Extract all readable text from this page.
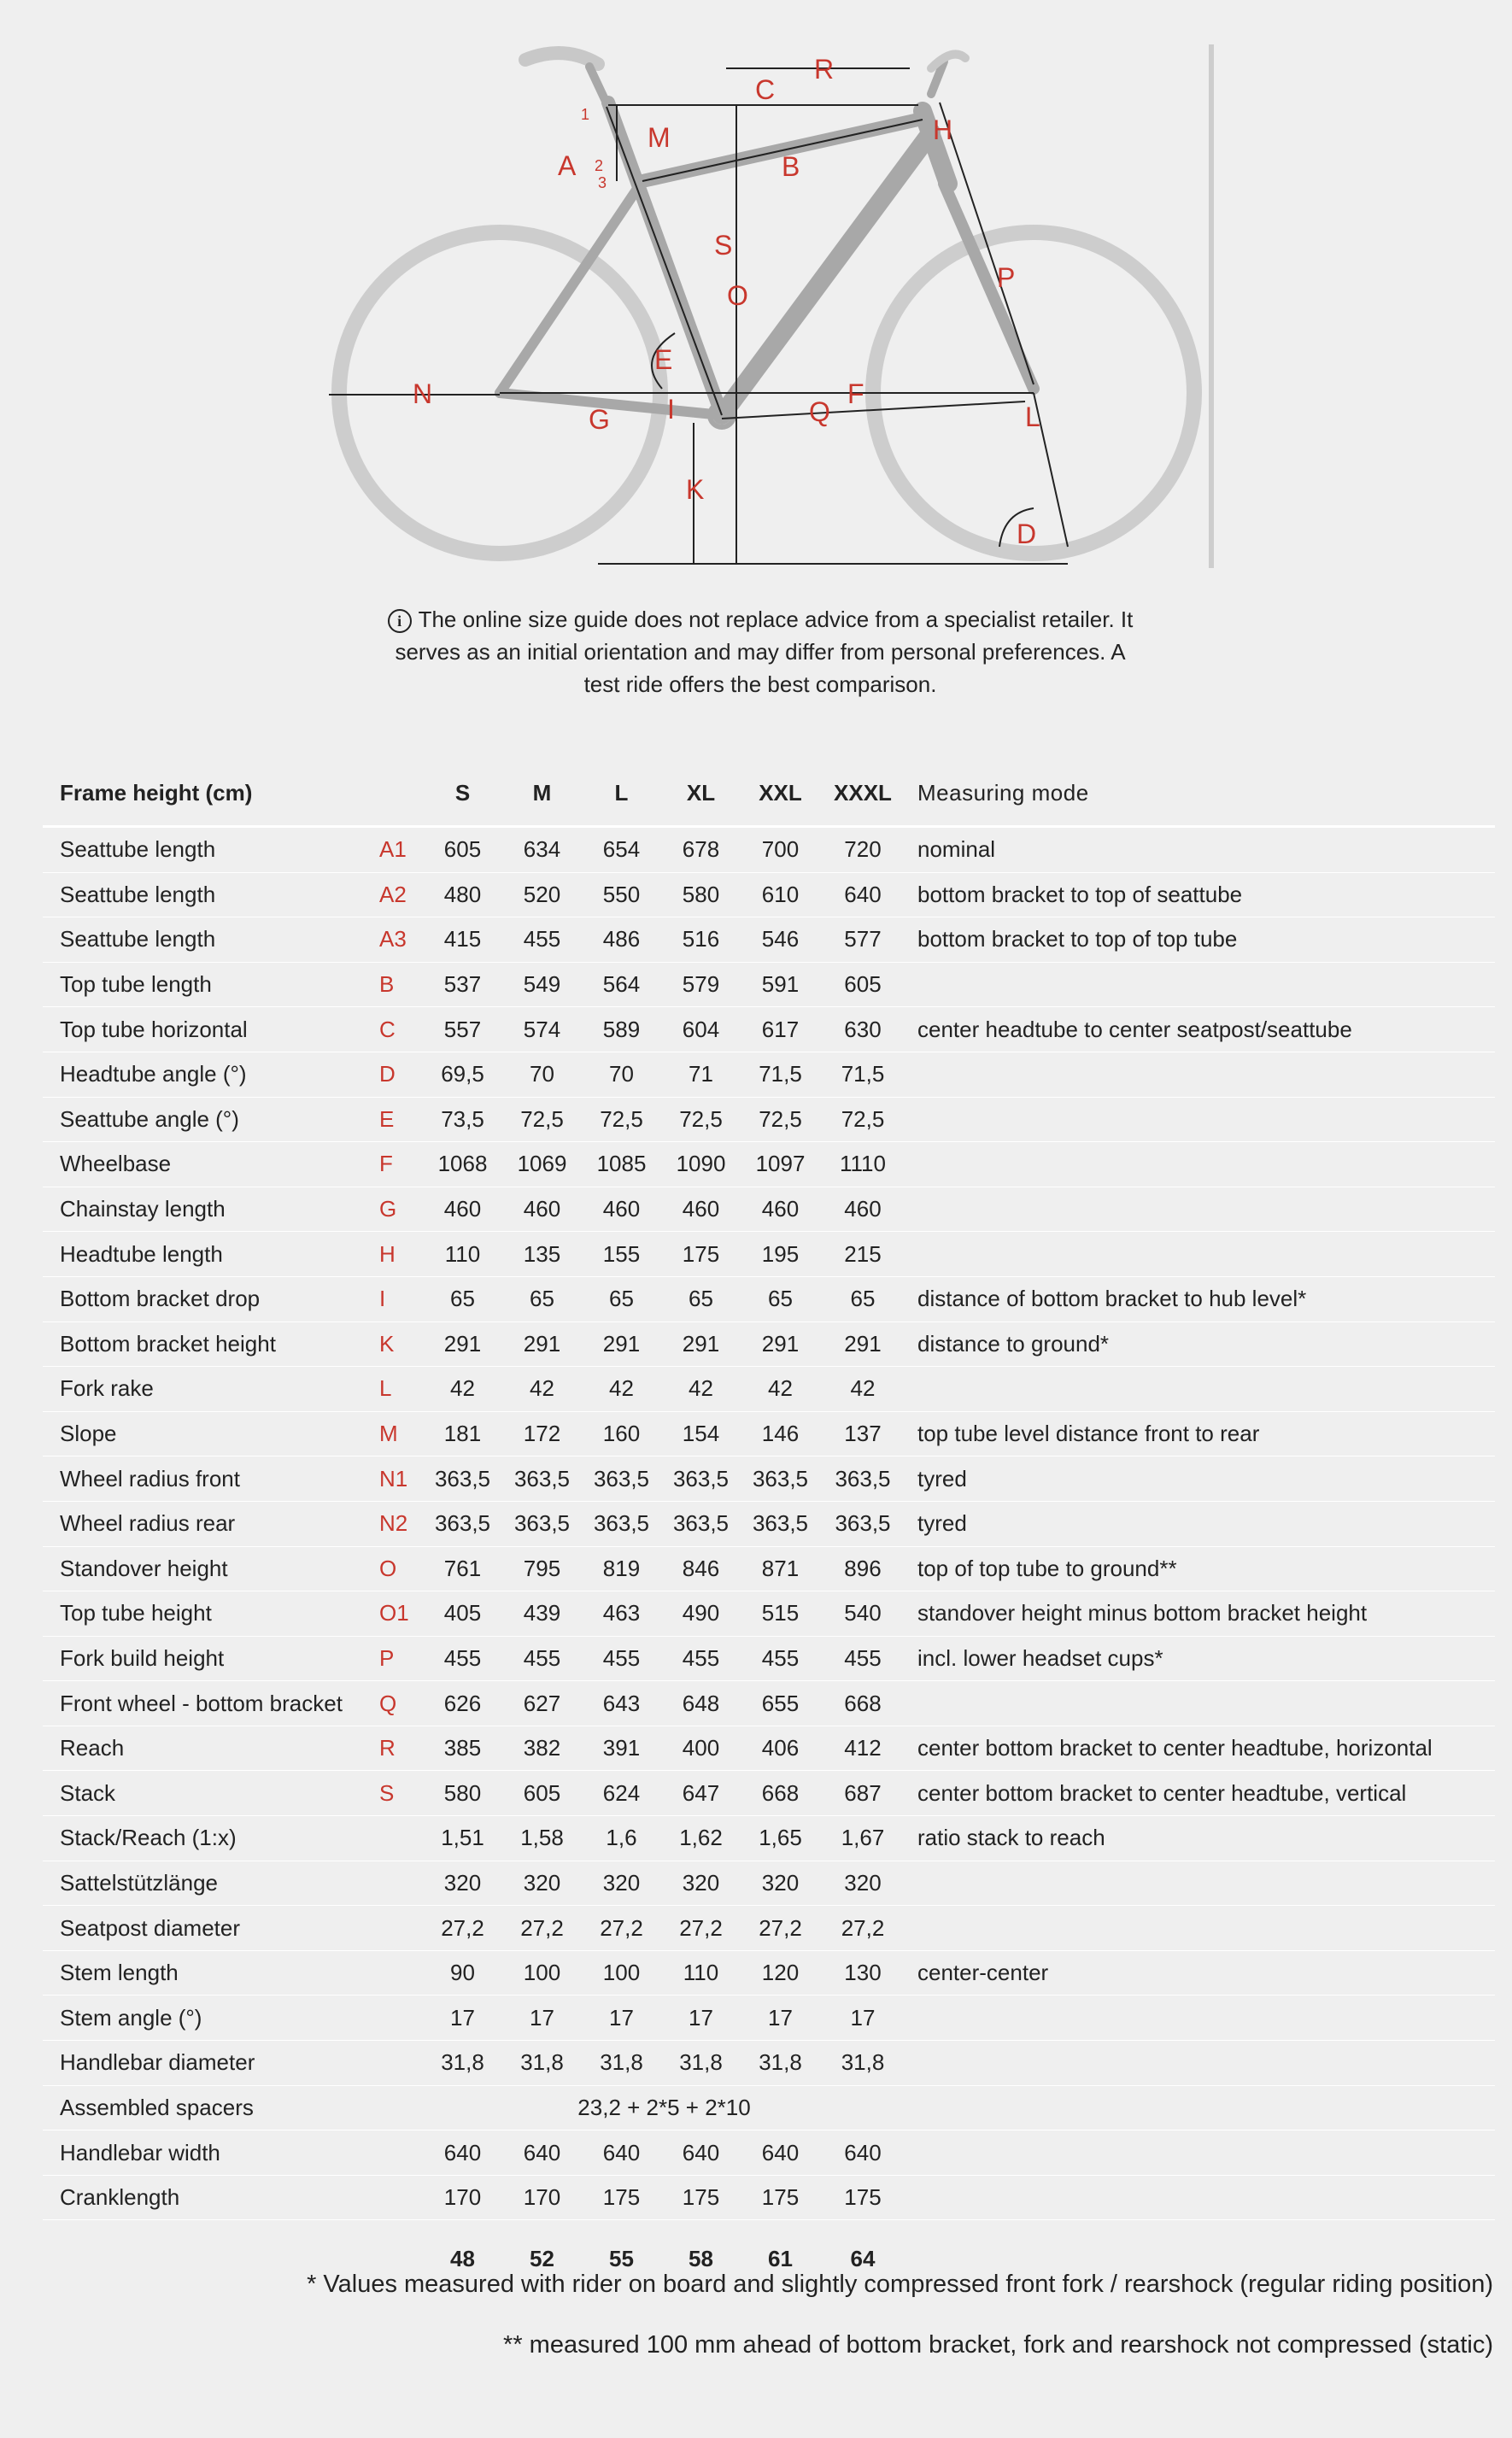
A
1
2
3
M
C
R
H
B
S
O
P
E
N
G I	Q
F
L
K
D
i The online size guide does not replace advice from a specialist retailer. It serves as an initial orientation and may differ from personal preferences. A test ride offers the best comparison.
Frame height (cm)		S	M	L	XL	XXL	XXXL	Measuring mode
Seattube length	A1	605	634	654	678	700	720	nominal
Seattube length	A2	480	520	550	580	610	640	bottom bracket to top of seattube
Seattube length	A3	415	455	486	516	546	577	bottom bracket to top of top tube
Top tube length	B	537	549	564	579	591	605	
Top tube horizontal	C	557	574	589	604	617	630	center headtube to center seatpost/seattube
Headtube angle (°)	D	69,5	70	70	71	71,5	71,5	
Seattube angle (°)	E	73,5	72,5	72,5	72,5	72,5	72,5	
Wheelbase	F	1068	1069	1085	1090	1097	1110	
Chainstay length	G	460	460	460	460	460	460	
Headtube length	H	110	135	155	175	195	215	
Bottom bracket drop	I	65	65	65	65	65	65	distance of bottom bracket to hub level*
Bottom bracket height	K	291	291	291	291	291	291	distance to ground*
Fork rake	L	42	42	42	42	42	42	
Slope	M	181	172	160	154	146	137	top tube level distance front to rear
Wheel radius front	N1	363,5	363,5	363,5	363,5	363,5	363,5	tyred
Wheel radius rear	N2	363,5	363,5	363,5	363,5	363,5	363,5	tyred
Standover height	O	761	795	819	846	871	896	top of top tube to ground**
Top tube height	O1	405	439	463	490	515	540	standover height minus bottom bracket height
Fork build height	P	455	455	455	455	455	455	incl. lower headset cups*
Front wheel - bottom bracket	Q	626	627	643	648	655	668	
Reach	R	385	382	391	400	406	412	center bottom bracket to center headtube, horizontal
Stack	S	580	605	624	647	668	687	center bottom bracket to center headtube, vertical
Stack/Reach (1:x)		1,51	1,58	1,6	1,62	1,65	1,67	ratio stack to reach
Sattelstützlänge		320	320	320	320	320	320	
Seatpost diameter		27,2	27,2	27,2	27,2	27,2	27,2	
Stem length		90	100	100	110	120	130	center-center
Stem angle (°)		17	17	17	17	17	17	
Handlebar diameter		31,8	31,8	31,8	31,8	31,8	31,8	
Assembled spacers		23,2 + 2*5 + 2*10						
Handlebar width		640	640	640	640	640	640	
Cranklength		170	170	175	175	175	175	
		48	52	55	58	61	64	
* Values measured with rider on board and slightly compressed front fork / rearshock (regular riding position)
** measured 100 mm ahead of bottom bracket, fork and rearshock not compressed (static)
